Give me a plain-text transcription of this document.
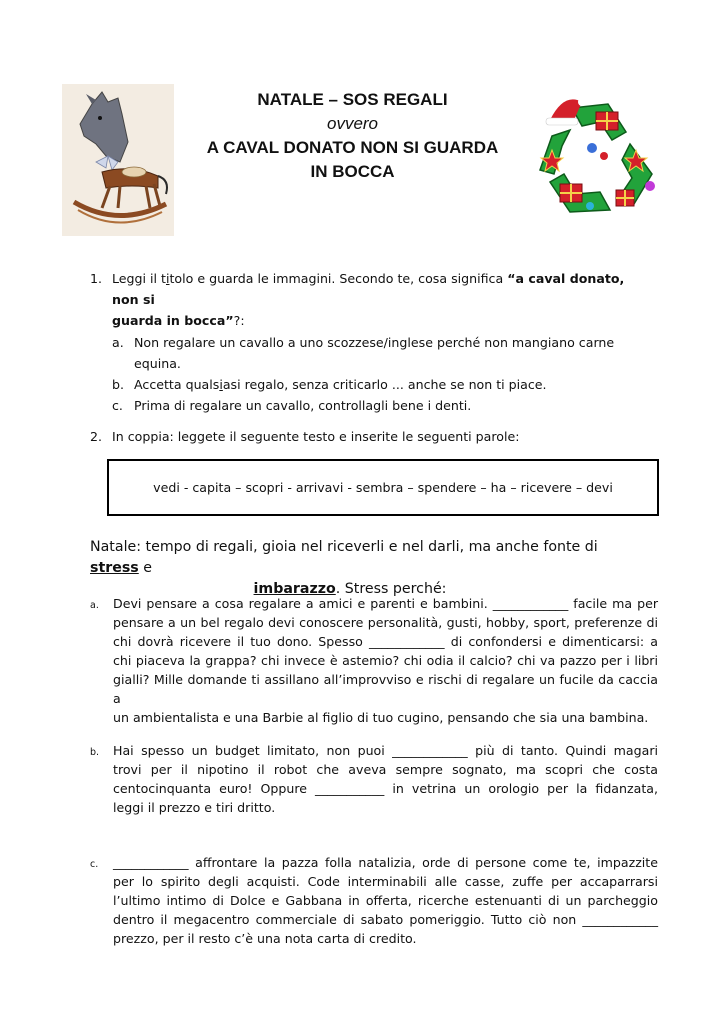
NATALE – SOS REGALI
ovvero
A CAVAL DONATO NON SI GUARDA
IN BOCCA
1. Leggi il titolo e guarda le immagini. Secondo te, cosa significa “a caval donato, non si
guarda in bocca”?:
a. Non regalare un cavallo a uno scozzese/inglese perché non mangiano carne equina.
b. Accetta qualsiasi regalo, senza criticarlo ... anche se non ti piace.
c. Prima di regalare un cavallo, controllagli bene i denti.
2. In coppia: leggete il seguente testo e inserite le seguenti parole:
vedi - capita – scopri - arrivavi - sembra – spendere – ha – ricevere – devi
Natale: tempo di regali, gioia nel riceverli e nel darli, ma anche fonte di stress e
imbarazzo. Stress perché:
a. Devi pensare a cosa regalare a amici e parenti e bambini. ____________ facile ma per

pensare a un bel regalo devi conoscere personalità, gusti, hobby, sport, preferenze di

chi dovrà ricevere il tuo dono. Spesso ____________ di confondersi e dimenticarsi: a

chi piaceva la grappa? chi invece è astemio? chi odia il calcio? chi va pazzo per i libri

gialli? Mille domande ti assillano all’improvviso e rischi di regalare un fucile da caccia a

un ambientalista e una Barbie al figlio di tuo cugino, pensando che sia una bambina.

b. Hai spesso un budget limitato, non puoi ____________ più di tanto. Quindi magari

trovi per il nipotino il robot che aveva sempre sognato, ma scopri che costa

centocinquanta euro! Oppure ___________ in vetrina un orologio per la fidanzata,

leggi il prezzo e tiri dritto.

c. ____________ affrontare la pazza folla natalizia, orde di persone come te, impazzite

per lo spirito degli acquisti. Code interminabili alle casse, zuffe per accaparrarsi

l’ultimo intimo di Dolce e Gabbana in offerta, ricerche estenuanti di un parcheggio

dentro il megacentro commerciale di sabato pomeriggio. Tutto ciò non ____________

prezzo, per il resto c’è una nota carta di credito.
